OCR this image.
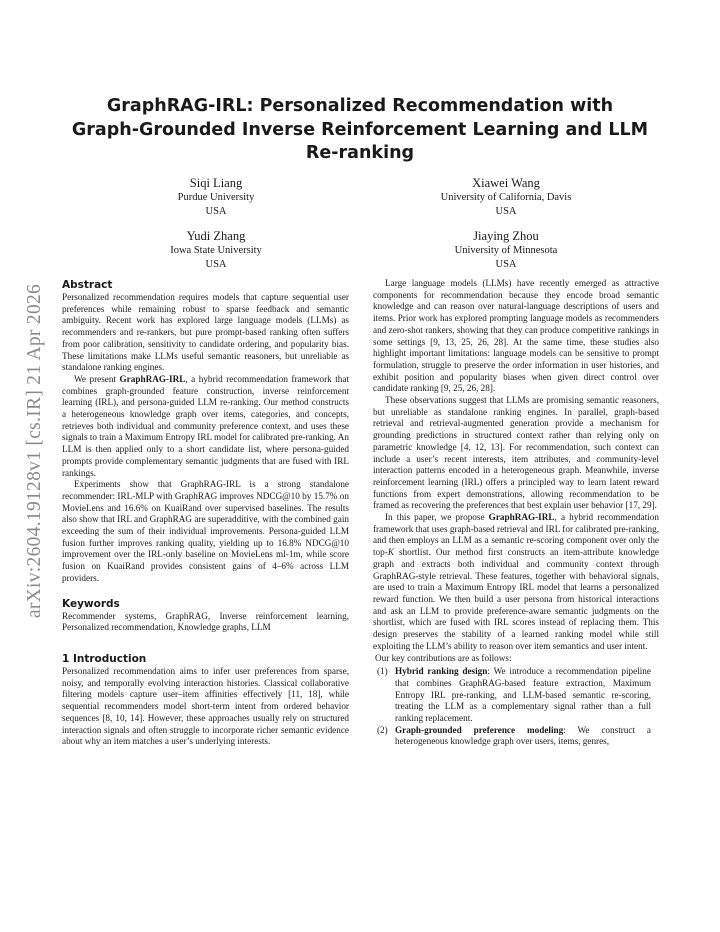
arXiv:2604.19128v1 [cs.IR] 21 Apr 2026
GraphRAG-IRL: Personalized Recommendation with
Graph-Grounded Inverse Reinforcement Learning and LLM
Re-ranking
Siqi Liang
Purdue University
USA
Xiawei Wang
University of California, Davis
USA
Yudi Zhang
Iowa State University
USA
Jiaying Zhou
University of Minnesota
USA
Abstract

Personalized recommendation requires models that capture sequential user preferences while remaining robust to sparse feedback and semantic ambiguity. Recent work has explored large language models (LLMs) as recommenders and re-rankers, but pure prompt-based ranking often suffers from poor calibration, sensitivity to candidate ordering, and popularity bias. These limitations make LLMs useful semantic reasoners, but unreliable as standalone ranking engines.

We present GraphRAG-IRL, a hybrid recommendation framework that combines graph-grounded feature construction, inverse reinforcement learning (IRL), and persona-guided LLM re-ranking. Our method constructs a heterogeneous knowledge graph over items, categories, and concepts, retrieves both individual and community preference context, and uses these signals to train a Maximum Entropy IRL model for calibrated pre-ranking. An LLM is then applied only to a short candidate list, where persona-guided prompts provide complementary semantic judgments that are fused with IRL rankings.

Experiments show that GraphRAG-IRL is a strong standalone recommender: IRL-MLP with GraphRAG improves NDCG@10 by 15.7% on MovieLens and 16.6% on KuaiRand over supervised baselines. The results also show that IRL and GraphRAG are superadditive, with the combined gain exceeding the sum of their individual improvements. Persona-guided LLM fusion further improves ranking quality, yielding up to 16.8% NDCG@10 improvement over the IRL-only baseline on MovieLens ml-1m, while score fusion on KuaiRand provides consistent gains of 4–6% across LLM providers.

Keywords

Recommender systems, GraphRAG, Inverse reinforcement learning, Personalized recommendation, Knowledge graphs, LLM

1 Introduction

Personalized recommendation aims to infer user preferences from sparse, noisy, and temporally evolving interaction histories. Classical collaborative filtering models capture user–item affinities effectively [11, 18], while sequential recommenders model short-term intent from ordered behavior sequences [8, 10, 14]. However, these approaches usually rely on structured interaction signals and often struggle to incorporate richer semantic evidence about why an item matches a user’s underlying interests.

Large language models (LLMs) have recently emerged as attractive components for recommendation because they encode broad semantic knowledge and can reason over natural-language descriptions of users and items. Prior work has explored prompting language models as recommenders and zero-shot rankers, showing that they can produce competitive rankings in some settings [9, 13, 25, 26, 28]. At the same time, these studies also highlight important limitations: language models can be sensitive to prompt formulation, struggle to preserve the order information in user histories, and exhibit position and popularity biases when given direct control over candidate ranking [9, 25, 26, 28].

These observations suggest that LLMs are promising semantic reasoners, but unreliable as standalone ranking engines. In parallel, graph-based retrieval and retrieval-augmented generation provide a mechanism for grounding predictions in structured context rather than relying only on parametric knowledge [4, 12, 13]. For recommendation, such context can include a user’s recent interests, item attributes, and community-level interaction patterns encoded in a heterogeneous graph. Meanwhile, inverse reinforcement learning (IRL) offers a principled way to learn latent reward functions from expert demonstrations, allowing recommendation to be framed as recovering the preferences that best explain user behavior [17, 29].

In this paper, we propose GraphRAG-IRL, a hybrid recommendation framework that uses graph-based retrieval and IRL for calibrated pre-ranking, and then employs an LLM as a semantic re-scoring component over only the top-K shortlist. Our method first constructs an item-attribute knowledge graph and extracts both individual and community context through GraphRAG-style retrieval. These features, together with behavioral signals, are used to train a Maximum Entropy IRL model that learns a personalized reward function. We then build a user persona from historical interactions and ask an LLM to provide preference-aware semantic judgments on the shortlist, which are fused with IRL scores instead of replacing them. This design preserves the stability of a learned ranking model while still exploiting the LLM’s ability to reason over item semantics and user intent.

Our key contributions are as follows:

(1) Hybrid ranking design: We introduce a recommendation pipeline that combines GraphRAG-based feature extraction, Maximum Entropy IRL pre-ranking, and LLM-based semantic re-scoring, treating the LLM as a complementary signal rather than a full ranking replacement.
(2) Graph-grounded preference modeling: We construct a heterogeneous knowledge graph over users, items, genres,
